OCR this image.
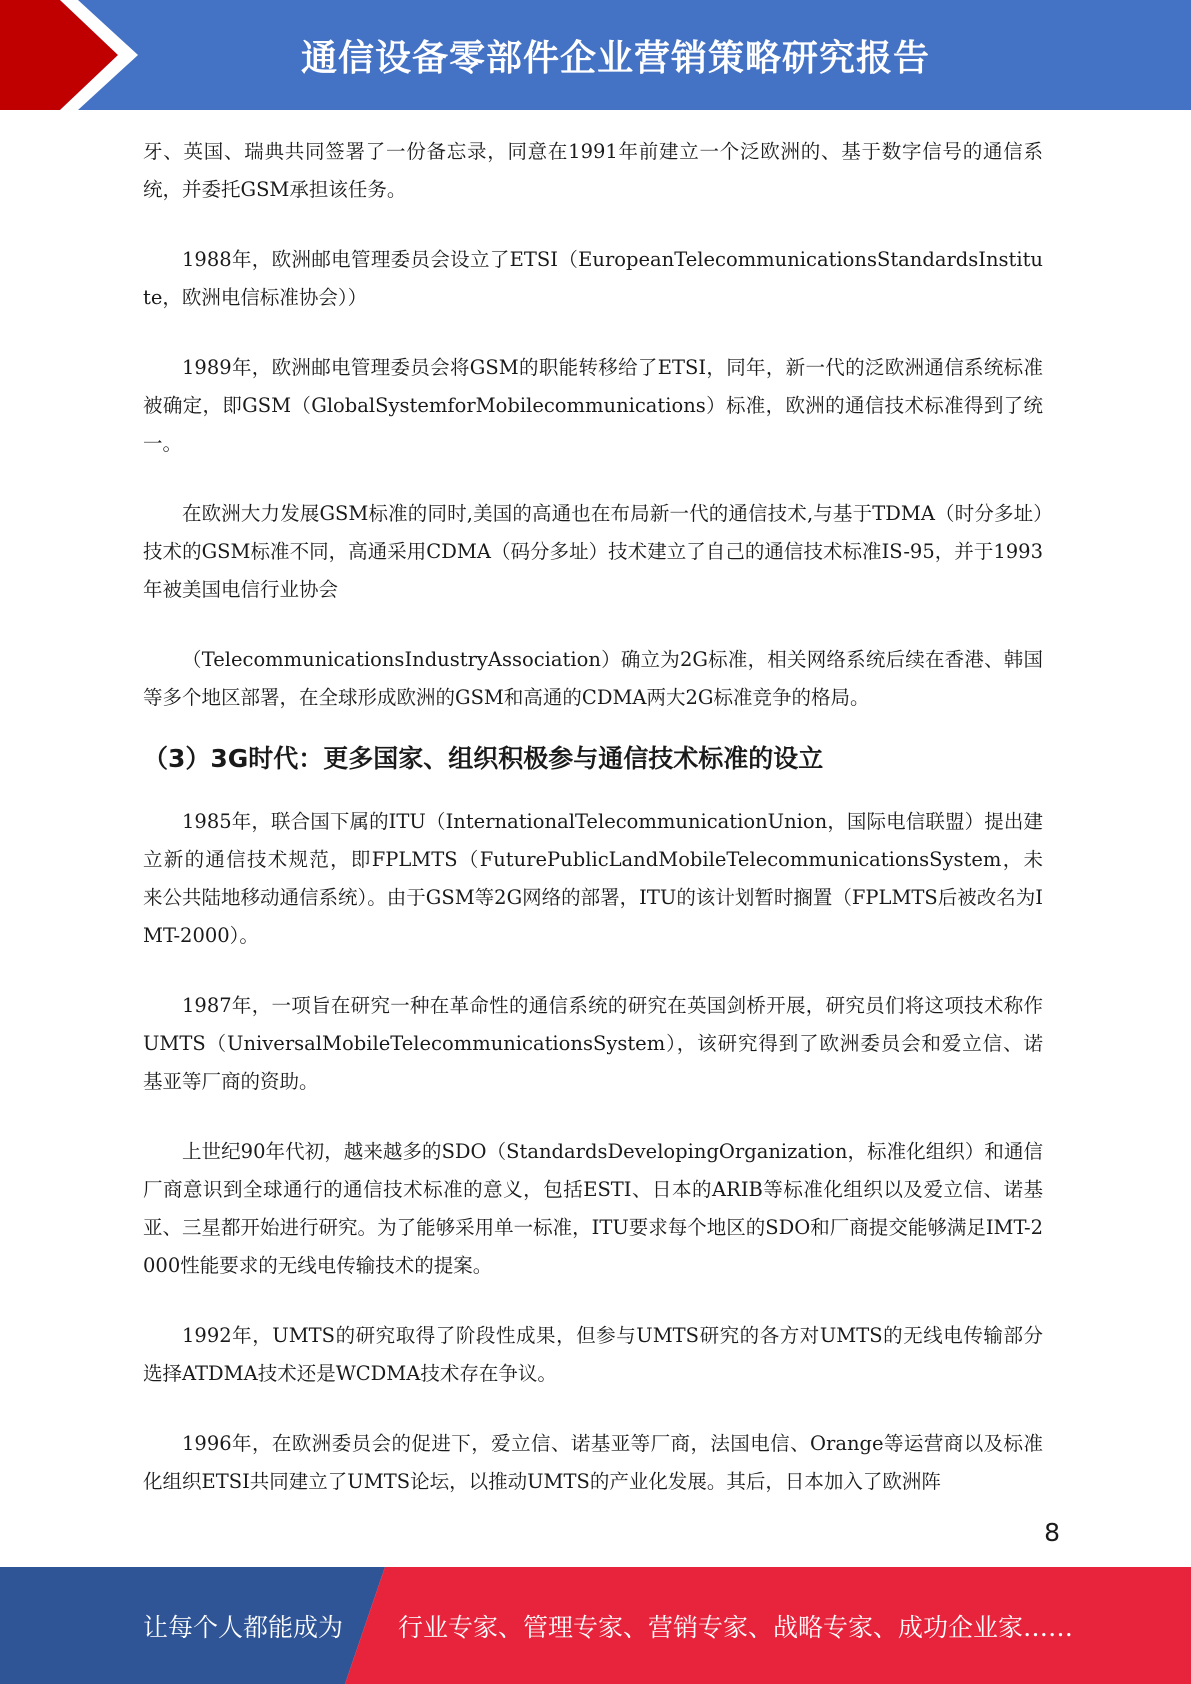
通信设备零部件企业营销策略研究报告

牙、英国、瑞典共同签署了一份备忘录，同意在1991年前建立一个泛欧洲的、基于数字信号的通信系统，并委托GSM承担该任务。

1988年，欧洲邮电管理委员会设立了ETSI（EuropeanTelecommunicationsStandardsInstitute，欧洲电信标准协会））

1989年，欧洲邮电管理委员会将GSM的职能转移给了ETSI，同年，新一代的泛欧洲通信系统标准被确定，即GSM（GlobalSystemforMobilecommunications）标准，欧洲的通信技术标准得到了统一。

在欧洲大力发展GSM标准的同时,美国的高通也在布局新一代的通信技术,与基于TDMA（时分多址）技术的GSM标准不同，高通采用CDMA（码分多址）技术建立了自己的通信技术标准IS-95，并于1993年被美国电信行业协会

（TelecommunicationsIndustryAssociation）确立为2G标准，相关网络系统后续在香港、韩国等多个地区部署，在全球形成欧洲的GSM和高通的CDMA两大2G标准竞争的格局。

（3）3G时代：更多国家、组织积极参与通信技术标准的设立

1985年，联合国下属的ITU（InternationalTelecommunicationUnion，国际电信联盟）提出建立新的通信技术规范，即FPLMTS（FuturePublicLandMobileTelecommunicationsSystem，未来公共陆地移动通信系统）。由于GSM等2G网络的部署，ITU的该计划暂时搁置（FPLMTS后被改名为IMT-2000）。

1987年，一项旨在研究一种在革命性的通信系统的研究在英国剑桥开展，研究员们将这项技术称作UMTS（UniversalMobileTelecommunicationsSystem），该研究得到了欧洲委员会和爱立信、诺基亚等厂商的资助。

上世纪90年代初，越来越多的SDO（StandardsDevelopingOrganization，标准化组织）和通信厂商意识到全球通行的通信技术标准的意义，包括ESTI、日本的ARIB等标准化组织以及爱立信、诺基亚、三星都开始进行研究。为了能够采用单一标准，ITU要求每个地区的SDO和厂商提交能够满足IMT-2000性能要求的无线电传输技术的提案。

1992年，UMTS的研究取得了阶段性成果，但参与UMTS研究的各方对UMTS的无线电传输部分选择ATDMA技术还是WCDMA技术存在争议。

1996年，在欧洲委员会的促进下，爱立信、诺基亚等厂商，法国电信、Orange等运营商以及标准化组织ETSI共同建立了UMTS论坛，以推动UMTS的产业化发展。其后，日本加入了欧洲阵

8
让每个人都能成为 行业专家、管理专家、营销专家、战略专家、成功企业家……
